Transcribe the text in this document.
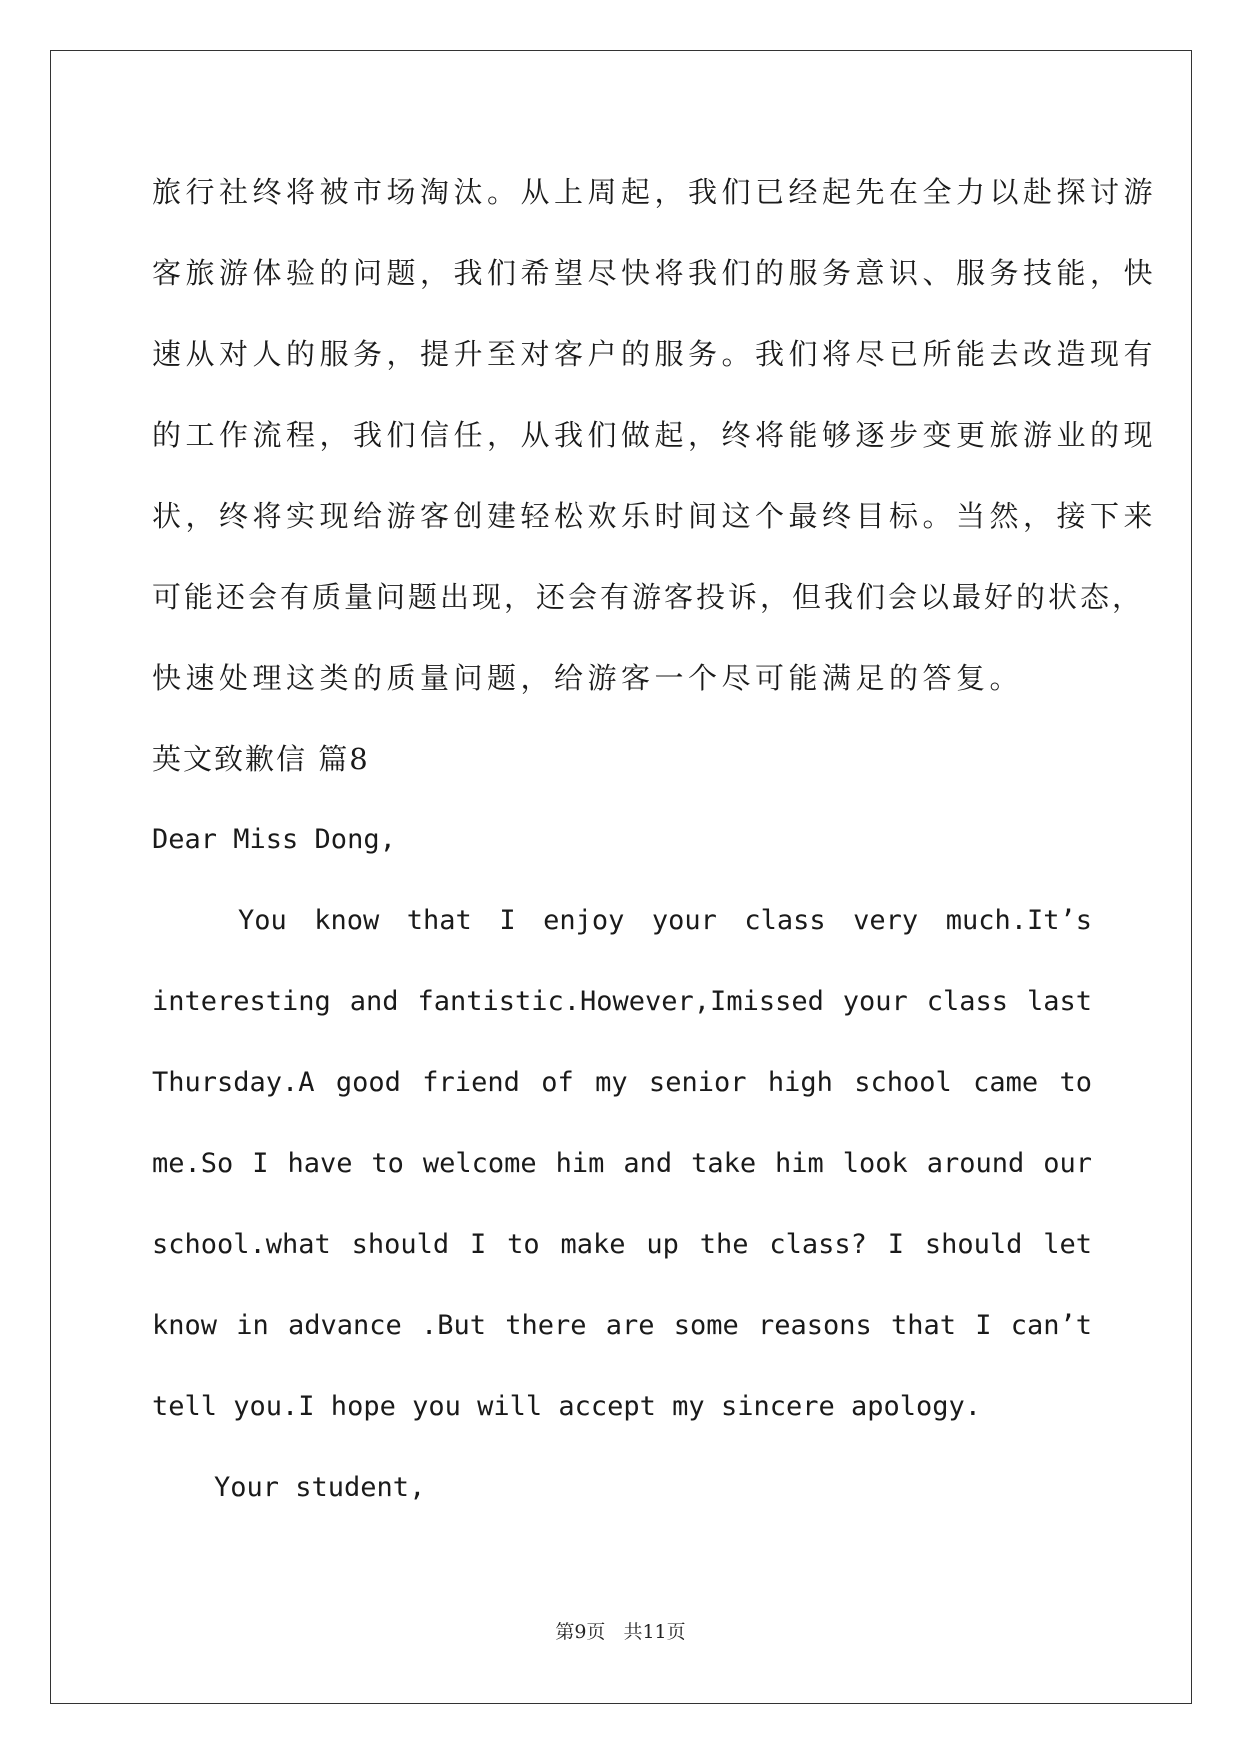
旅行社终将被市场淘汰。从上周起，我们已经起先在全力以赴探讨游
客旅游体验的问题，我们希望尽快将我们的服务意识、服务技能，快
速从对人的服务，提升至对客户的服务。我们将尽已所能去改造现有
的工作流程，我们信任，从我们做起，终将能够逐步变更旅游业的现
状，终将实现给游客创建轻松欢乐时间这个最终目标。当然，接下来
可能还会有质量问题出现，还会有游客投诉，但我们会以最好的状态，
快速处理这类的质量问题，给游客一个尽可能满足的答复。
英文致歉信 篇8
Dear Miss Dong,
You know that I enjoy your class very much.It’s
interesting and fantistic.However,Imissed your class last
Thursday.A good friend of my senior high school came to
me.So I have to welcome him and take him look around our
school.what should I to make up the class? I should let
know in advance .But there are some reasons that I can’t
tell you.I hope you will accept my sincere apology.
Your student,
第9页 共11页
